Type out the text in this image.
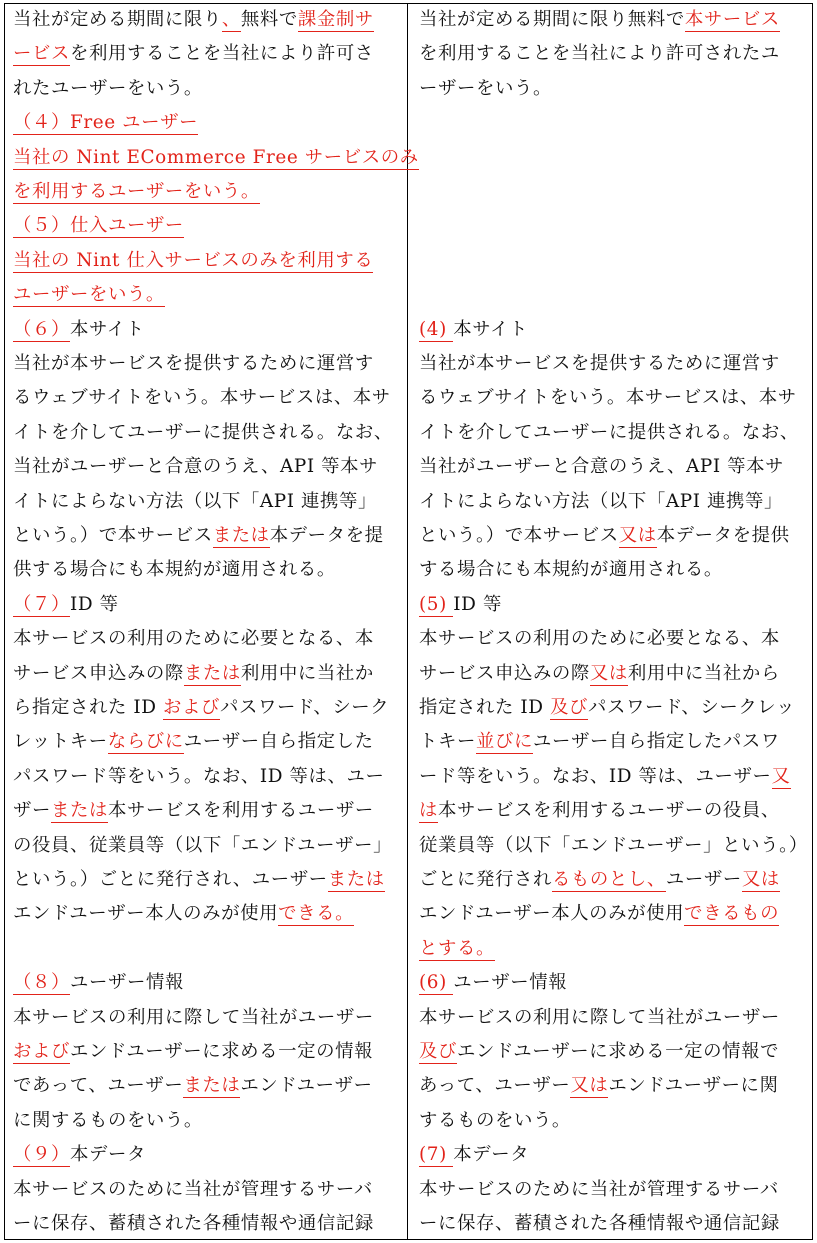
当社が定める期間に限り、無料で課金制サ
ービスを利用することを当社により許可さ
れたユーザーをいう。
（４）Free ユーザー
当社の Nint ECommerce Free サービスのみ
を利用するユーザーをいう。
（５）仕入ユーザー
当社の Nint 仕入サービスのみを利用する
ユーザーをいう。
（６）本サイト
当社が本サービスを提供するために運営す
るウェブサイトをいう。本サービスは、本サ
イトを介してユーザーに提供される。なお、
当社がユーザーと合意のうえ、API 等本サ
イトによらない方法（以下「API 連携等」
という。）で本サービスまたは本データを提
供する場合にも本規約が適用される。
（７）ID 等
本サービスの利用のために必要となる、本
サービス申込みの際または利用中に当社か
ら指定された ID およびパスワード、シーク
レットキーならびにユーザー自ら指定した
パスワード等をいう。なお、ID 等は、ユー
ザーまたは本サービスを利用するユーザー
の役員、従業員等（以下「エンドユーザー」
という。）ごとに発行され、ユーザーまたは
エンドユーザー本人のみが使用できる。
（８）ユーザー情報
本サービスの利用に際して当社がユーザー
およびエンドユーザーに求める一定の情報
であって、ユーザーまたはエンドユーザー
に関するものをいう。
（９）本データ
本サービスのために当社が管理するサーバ
ーに保存、蓄積された各種情報や通信記録
当社が定める期間に限り無料で本サービス
を利用することを当社により許可されたユ
ーザーをいう。
(4) 本サイト
当社が本サービスを提供するために運営す
るウェブサイトをいう。本サービスは、本サ
イトを介してユーザーに提供される。なお、
当社がユーザーと合意のうえ、API 等本サ
イトによらない方法（以下「API 連携等」
という。）で本サービス又は本データを提供
する場合にも本規約が適用される。
(5) ID 等
本サービスの利用のために必要となる、本
サービス申込みの際又は利用中に当社から
指定された ID 及びパスワード、シークレッ
トキー並びにユーザー自ら指定したパスワ
ード等をいう。なお、ID 等は、ユーザー又
は本サービスを利用するユーザーの役員、
従業員等（以下「エンドユーザー」という。）
ごとに発行されるものとし、ユーザー又は
エンドユーザー本人のみが使用できるもの
とする。
(6) ユーザー情報
本サービスの利用に際して当社がユーザー
及びエンドユーザーに求める一定の情報で
あって、ユーザー又はエンドユーザーに関
するものをいう。
(7) 本データ
本サービスのために当社が管理するサーバ
ーに保存、蓄積された各種情報や通信記録
